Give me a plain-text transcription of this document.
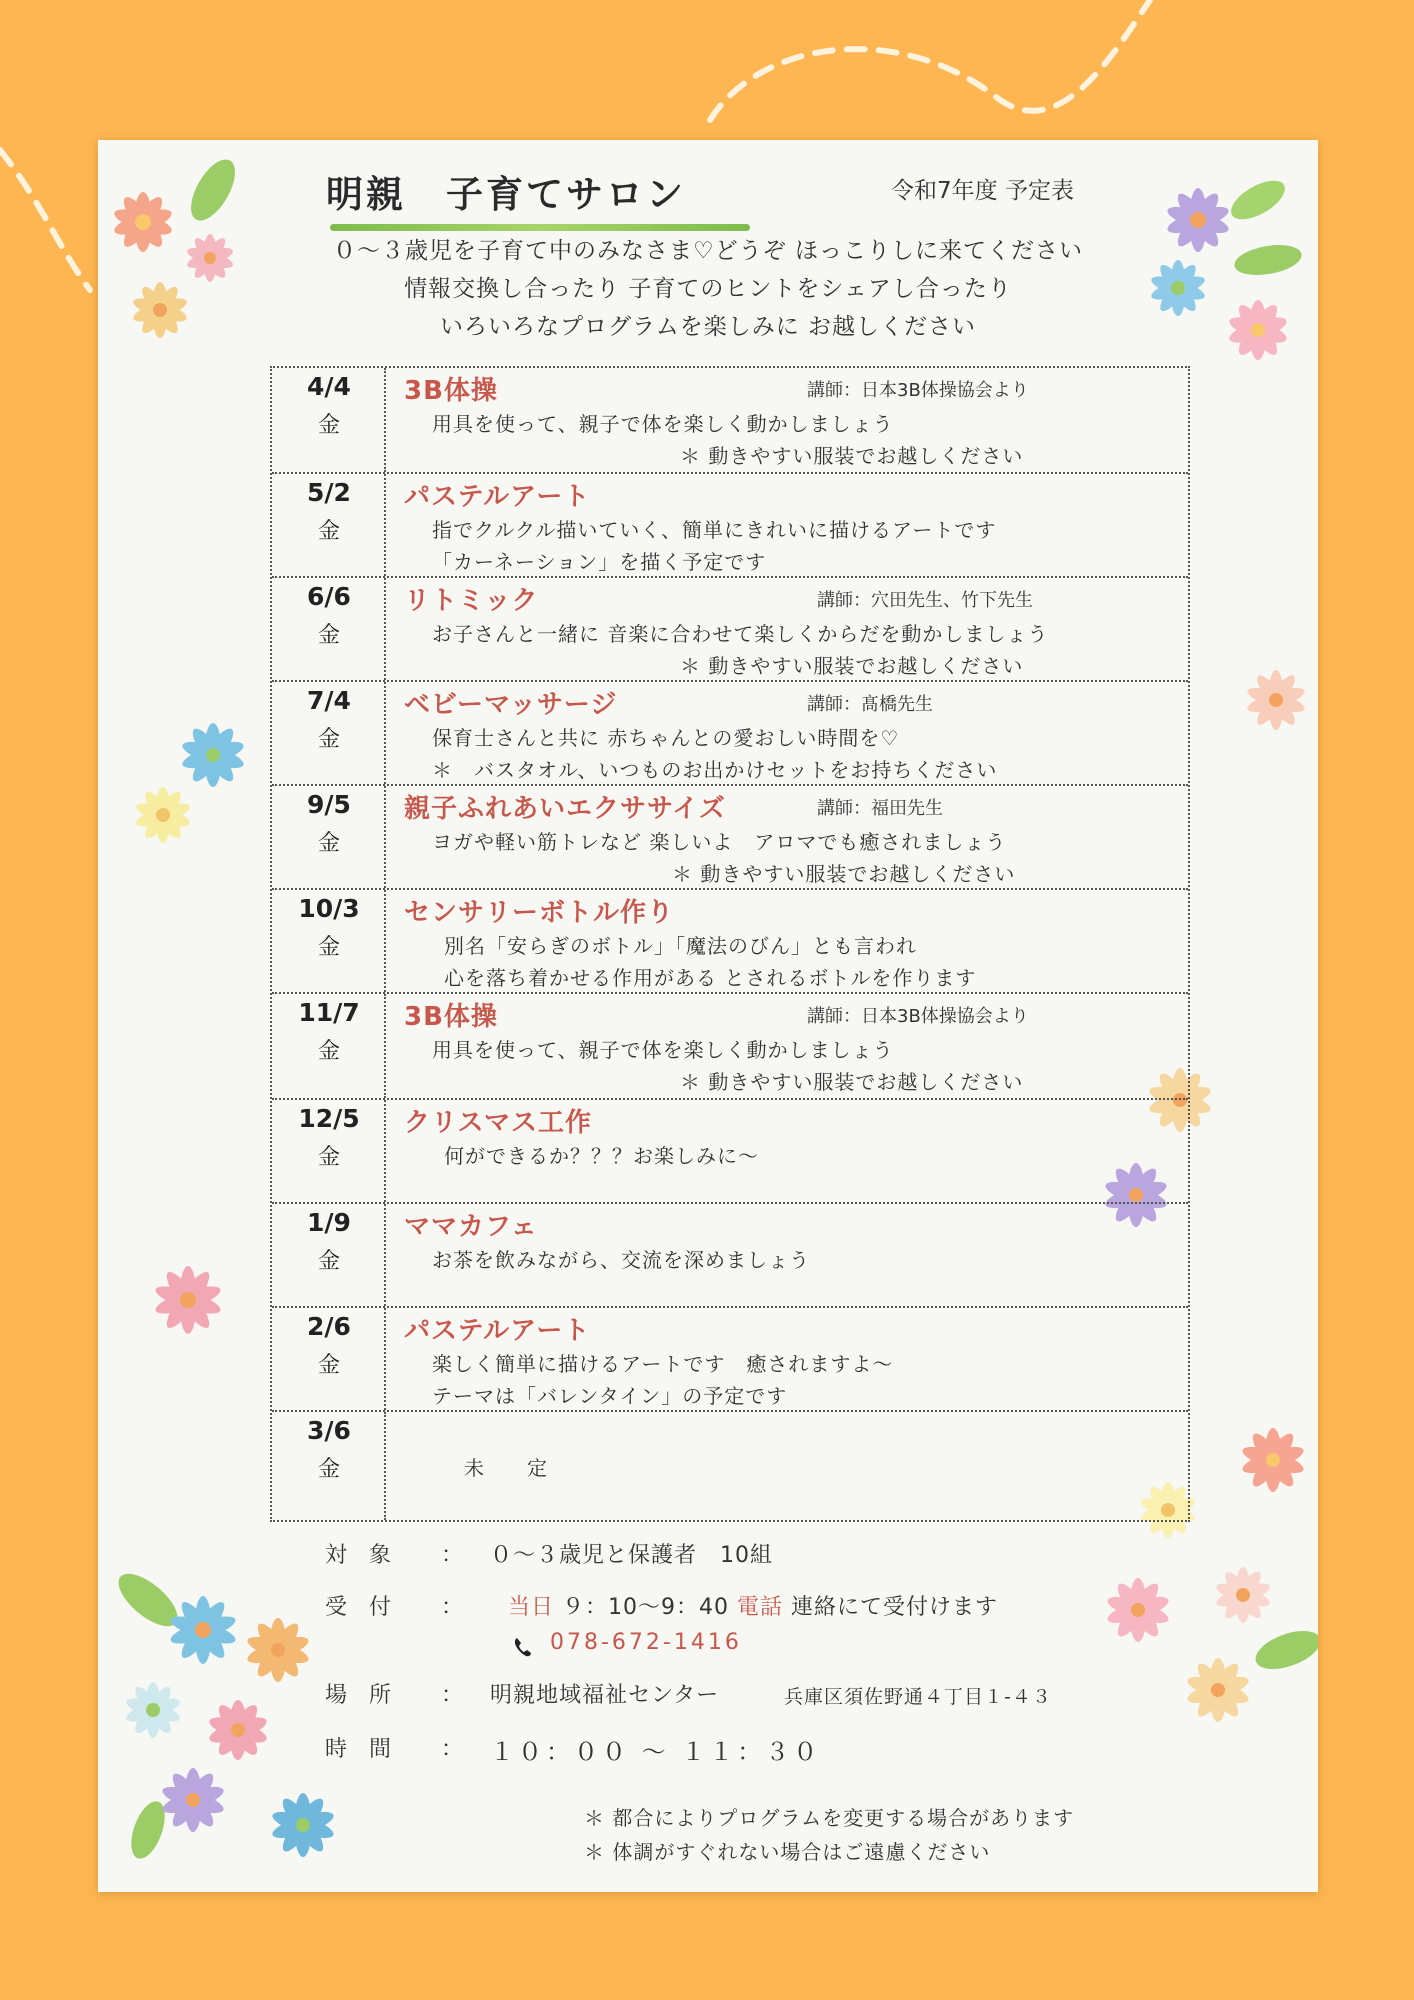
明親　子育てサロン	令和7年度 予定表
０～３歳児を子育て中のみなさま♡どうぞ ほっこりしに来てください
情報交換し合ったり 子育てのヒントをシェアし合ったり
いろいろなプログラムを楽しみに お越しください
4/4
金
3B体操	講師：日本3B体操協会より
用具を使って、親子で体を楽しく動かしましょう
＊ 動きやすい服装でお越しください
5/2
金
パステルアート
指でクルクル描いていく、簡単にきれいに描けるアートです
「カーネーション」を描く予定です
6/6
金
リトミック	講師：穴田先生、竹下先生
お子さんと一緒に 音楽に合わせて楽しくからだを動かしましょう
＊ 動きやすい服装でお越しください
7/4
金
ベビーマッサージ	講師：髙橋先生
保育士さんと共に 赤ちゃんとの愛おしい時間を♡
＊　バスタオル、いつものお出かけセットをお持ちください
9/5
金
親子ふれあいエクササイズ	講師：福田先生
ヨガや軽い筋トレなど 楽しいよ　アロマでも癒されましょう
＊ 動きやすい服装でお越しください
10/3
金
センサリーボトル作り
別名「安らぎのボトル」「魔法のびん」とも言われ
心を落ち着かせる作用がある とされるボトルを作ります
11/7
金
3B体操	講師：日本3B体操協会より
用具を使って、親子で体を楽しく動かしましょう
＊ 動きやすい服装でお越しください
12/5
金
クリスマス工作
何ができるか？？？お楽しみに～
1/9
金
ママカフェ
お茶を飲みながら、交流を深めましょう
2/6
金
パステルアート
楽しく簡単に描けるアートです　癒されますよ～
テーマは「バレンタイン」の予定です
3/6
金	未　　定
対象 ： ０～３歳児と保護者　10組
受付 ： 当日 ９：10～9：40 電話 連絡にて受付けます
078-672-1416
場所 ： 明親地域福祉センター	兵庫区須佐野通４丁目１-４３
時間 ： １０：００ ～ １１：３０
＊ 都合によりプログラムを変更する場合があります
＊ 体調がすぐれない場合はご遠慮ください
